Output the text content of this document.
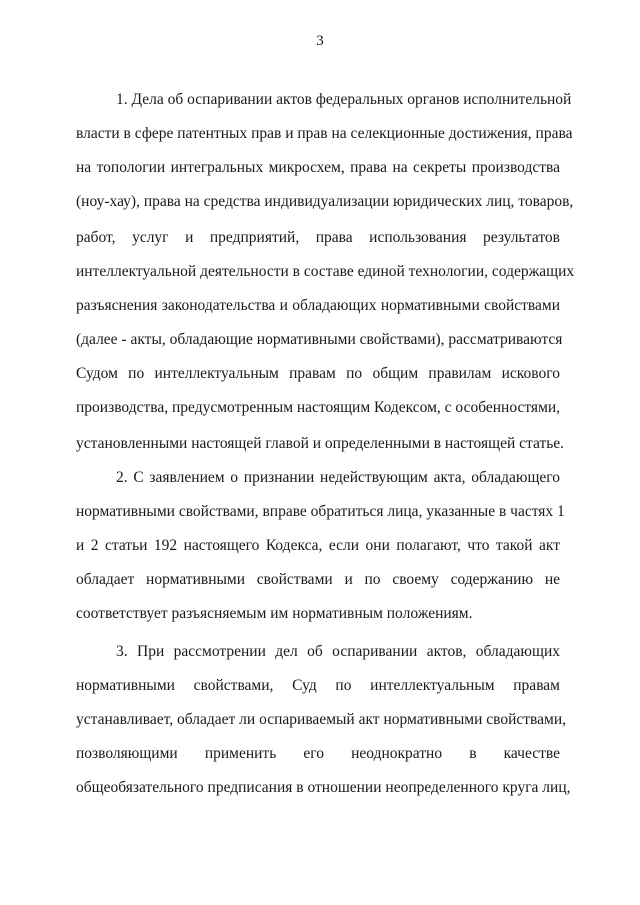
3
1. Дела об оспаривании актов федеральных органов исполнительной
власти в сфере патентных прав и прав на селекционные достижения, права
на топологии интегральных микросхем, права на секреты производства
(ноу-хау), права на средства индивидуализации юридических лиц, товаров,
работ, услуг и предприятий, права использования результатов
интеллектуальной деятельности в составе единой технологии, содержащих
разъяснения законодательства и обладающих нормативными свойствами
(далее - акты, обладающие нормативными свойствами), рассматриваются
Судом по интеллектуальным правам по общим правилам искового
производства, предусмотренным настоящим Кодексом, с особенностями,
установленными настоящей главой и определенными в настоящей статье.
2. С заявлением о признании недействующим акта, обладающего
нормативными свойствами, вправе обратиться лица, указанные в частях 1
и 2 статьи 192 настоящего Кодекса, если они полагают, что такой акт
обладает нормативными свойствами и по своему содержанию не
соответствует разъясняемым им нормативным положениям.
3. При рассмотрении дел об оспаривании актов, обладающих
нормативными свойствами, Суд по интеллектуальным правам
устанавливает, обладает ли оспариваемый акт нормативными свойствами,
позволяющими применить его неоднократно в качестве
общеобязательного предписания в отношении неопределенного круга лиц,
